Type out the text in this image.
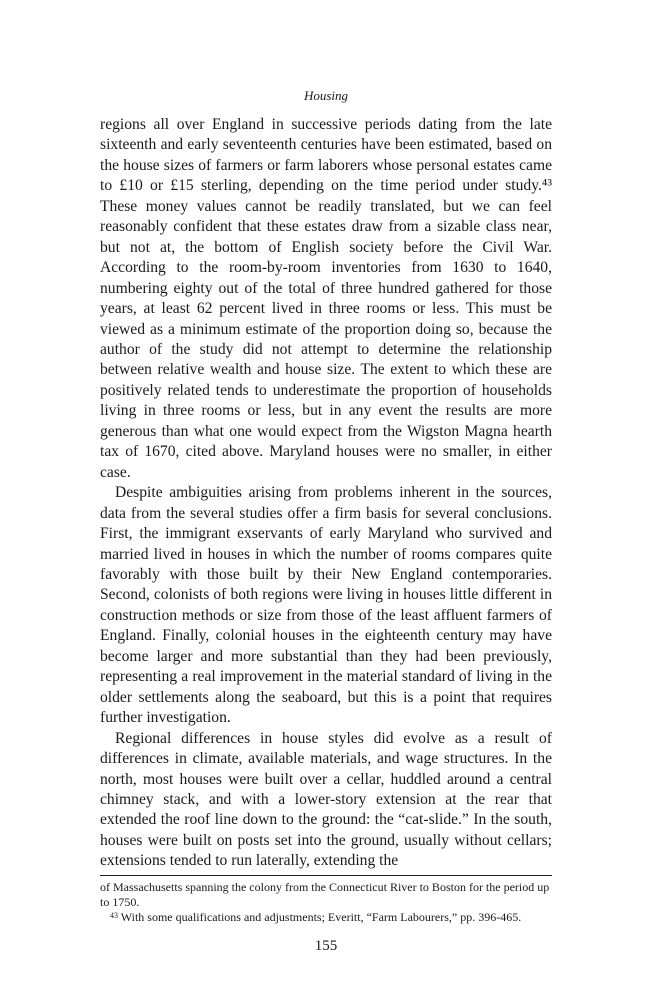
Housing

regions all over England in successive periods dating from the late sixteenth and early seventeenth centuries have been estimated, based on the house sizes of farmers or farm laborers whose personal estates came to £10 or £15 sterling, depending on the time period under study.⁴³ These money values cannot be readily translated, but we can feel reasonably confident that these estates draw from a sizable class near, but not at, the bottom of English society before the Civil War. According to the room-by-room inventories from 1630 to 1640, numbering eighty out of the total of three hundred gathered for those years, at least 62 percent lived in three rooms or less. This must be viewed as a minimum estimate of the proportion doing so, because the author of the study did not attempt to determine the relationship between relative wealth and house size. The extent to which these are positively related tends to underestimate the proportion of households living in three rooms or less, but in any event the results are more generous than what one would expect from the Wigston Magna hearth tax of 1670, cited above. Maryland houses were no smaller, in either case.

Despite ambiguities arising from problems inherent in the sources, data from the several studies offer a firm basis for several conclusions. First, the immigrant exservants of early Maryland who survived and married lived in houses in which the number of rooms compares quite favorably with those built by their New England contemporaries. Second, colonists of both regions were living in houses little different in construction methods or size from those of the least affluent farmers of England. Finally, colonial houses in the eighteenth century may have become larger and more substantial than they had been previously, representing a real improvement in the material standard of living in the older settlements along the seaboard, but this is a point that requires further investigation.

Regional differences in house styles did evolve as a result of differences in climate, available materials, and wage structures. In the north, most houses were built over a cellar, huddled around a central chimney stack, and with a lower-story extension at the rear that extended the roof line down to the ground: the “cat-slide.” In the south, houses were built on posts set into the ground, usually without cellars; extensions tended to run laterally, extending the

of Massachusetts spanning the colony from the Connecticut River to Boston for the period up to 1750.

$^{43}$ With some qualifications and adjustments; Everitt, “Farm Labourers,” pp. 396-465.

155
